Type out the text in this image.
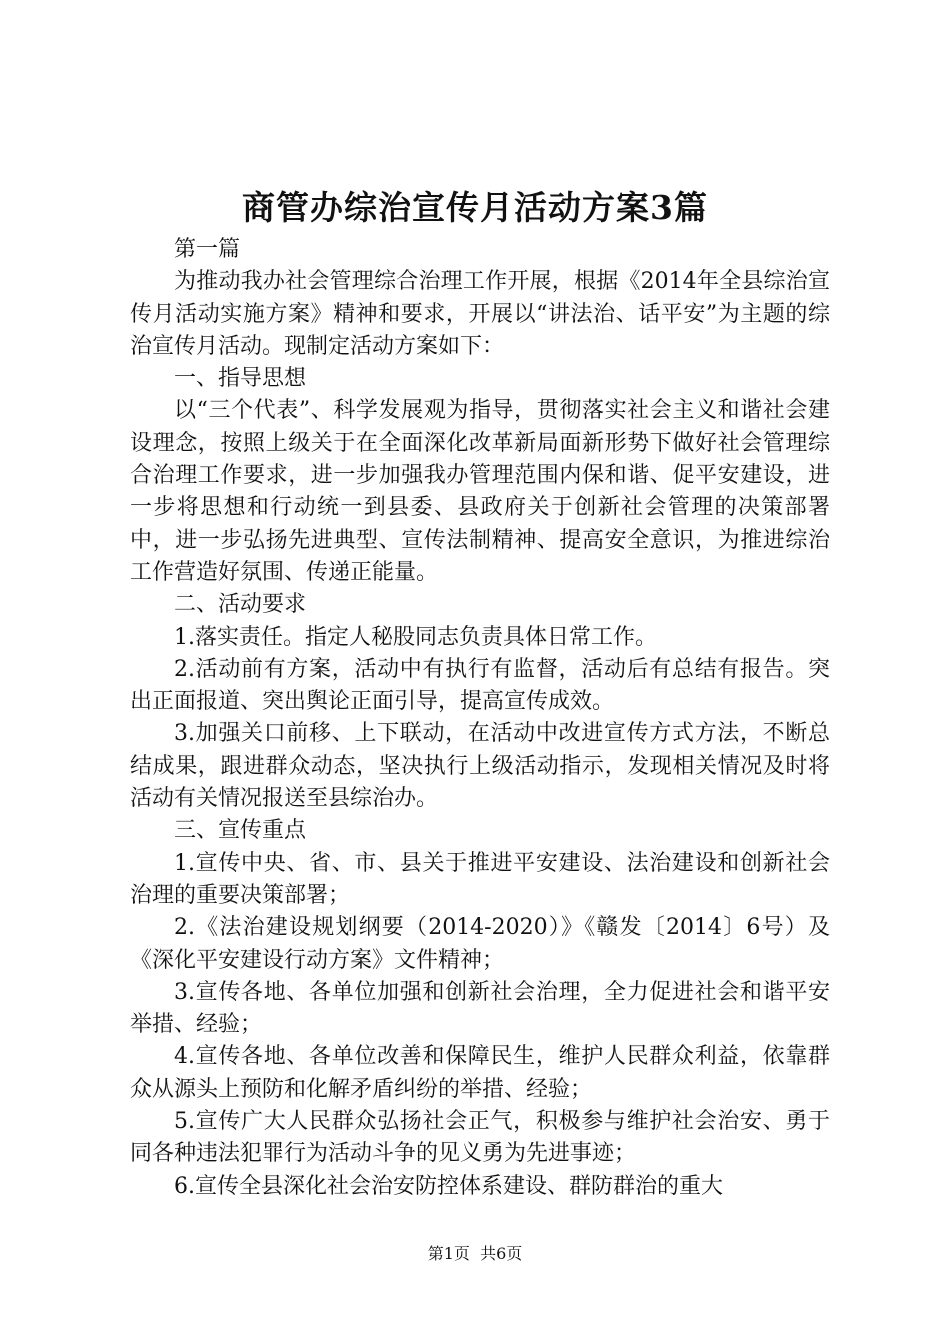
商管办综治宣传月活动方案3篇

第一篇

为推动我办社会管理综合治理工作开展，根据《2014年全县综治宣传月活动实施方案》精神和要求，开展以“讲法治、话平安”为主题的综治宣传月活动。现制定活动方案如下：

一、指导思想

以“三个代表”、科学发展观为指导，贯彻落实社会主义和谐社会建设理念，按照上级关于在全面深化改革新局面新形势下做好社会管理综合治理工作要求，进一步加强我办管理范围内保和谐、促平安建设，进一步将思想和行动统一到县委、县政府关于创新社会管理的决策部署中，进一步弘扬先进典型、宣传法制精神、提高安全意识，为推进综治工作营造好氛围、传递正能量。

二、活动要求

1.落实责任。指定人秘股同志负责具体日常工作。

2.活动前有方案，活动中有执行有监督，活动后有总结有报告。突出正面报道、突出舆论正面引导，提高宣传成效。

3.加强关口前移、上下联动，在活动中改进宣传方式方法，不断总结成果，跟进群众动态，坚决执行上级活动指示，发现相关情况及时将活动有关情况报送至县综治办。

三、宣传重点

1.宣传中央、省、市、县关于推进平安建设、法治建设和创新社会治理的重要决策部署；

2.《法治建设规划纲要（2014-2020）》《赣发〔2014〕6号）及《深化平安建设行动方案》文件精神；

3.宣传各地、各单位加强和创新社会治理，全力促进社会和谐平安举措、经验；

4.宣传各地、各单位改善和保障民生，维护人民群众利益，依靠群众从源头上预防和化解矛盾纠纷的举措、经验；

5.宣传广大人民群众弘扬社会正气，积极参与维护社会治安、勇于同各种违法犯罪行为活动斗争的见义勇为先进事迹；

6.宣传全县深化社会治安防控体系建设、群防群治的重大

第1页  共6页
